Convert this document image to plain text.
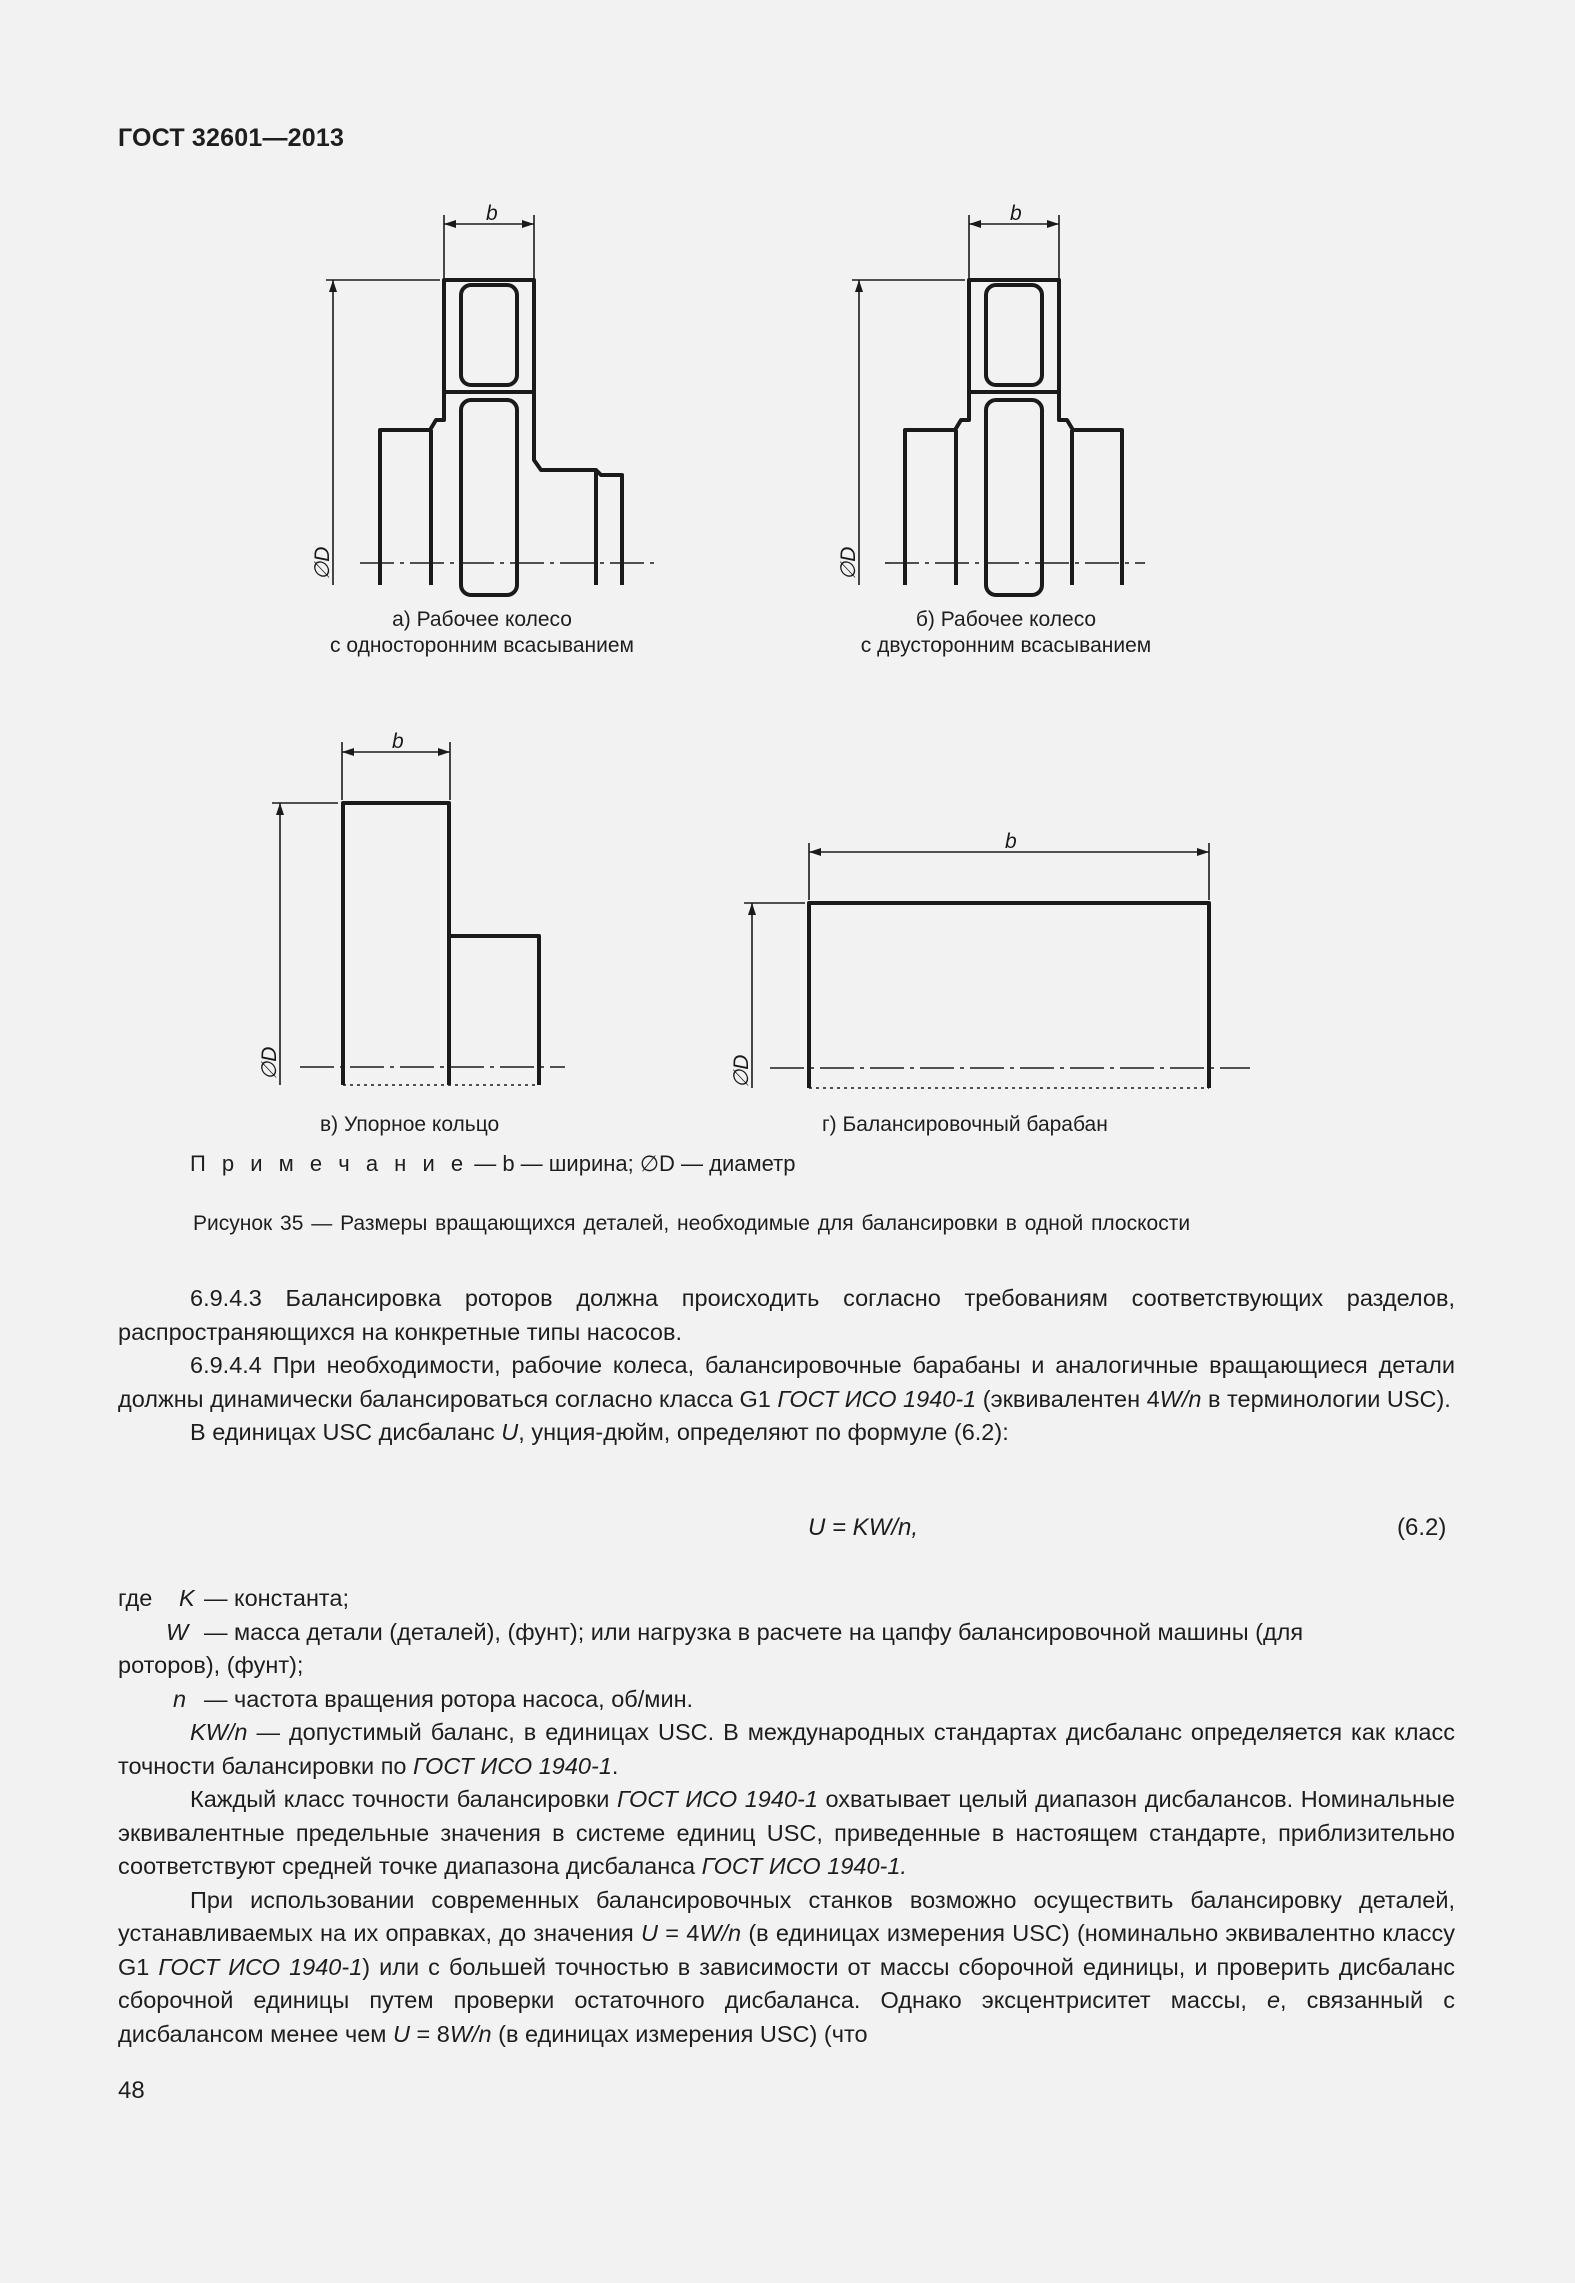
ГОСТ 32601—2013
b
∅D
b
∅D
b
∅D
b
∅D
а) Рабочее колесо
с односторонним всасыванием
б) Рабочее колесо
с двусторонним всасыванием
в) Упорное кольцо	г) Балансировочный барабан
П р и м е ч а н и е — b — ширина; ∅D — диаметр
Рисунок 35 — Размеры вращающихся деталей, необходимые для балансировки в одной плоскости

6.9.4.3 Балансировка роторов должна происходить согласно требованиям соответствующих разделов, распространяющихся на конкретные типы насосов.

6.9.4.4 При необходимости, рабочие колеса, балансировочные барабаны и аналогичные вращающиеся детали должны динамически балансироваться согласно класса G1 ГОСТ ИСО 1940-1 (эквивалентен 4W/n в терминологии USC).

В единицах USC дисбаланс U, унция-дюйм, определяют по формуле (6.2):

U = KW/n,	(6.2)
где K — константа;
W — масса детали (деталей), (фунт); или нагрузка в расчете на цапфу балансировочной машины (для
роторов), (фунт);
n — частота вращения ротора насоса, об/мин.

KW/n — допустимый баланс, в единицах USC. В международных стандартах дисбаланс определяется как класс точности балансировки по ГОСТ ИСО 1940-1.

Каждый класс точности балансировки ГОСТ ИСО 1940-1 охватывает целый диапазон дисбалансов. Номинальные эквивалентные предельные значения в системе единиц USC, приведенные в настоящем стандарте, приблизительно соответствуют средней точке диапазона дисбаланса ГОСТ ИСО 1940-1.

При использовании современных балансировочных станков возможно осуществить балансировку деталей, устанавливаемых на их оправках, до значения U = 4W/n (в единицах измерения USC) (номинально эквивалентно классу G1 ГОСТ ИСО 1940-1) или с большей точностью в зависимости от массы сборочной единицы, и проверить дисбаланс сборочной единицы путем проверки остаточного дисбаланса. Однако эксцентриситет массы, e, связанный с дисбалансом менее чем U = 8W/n (в единицах измерения USC) (что

48
